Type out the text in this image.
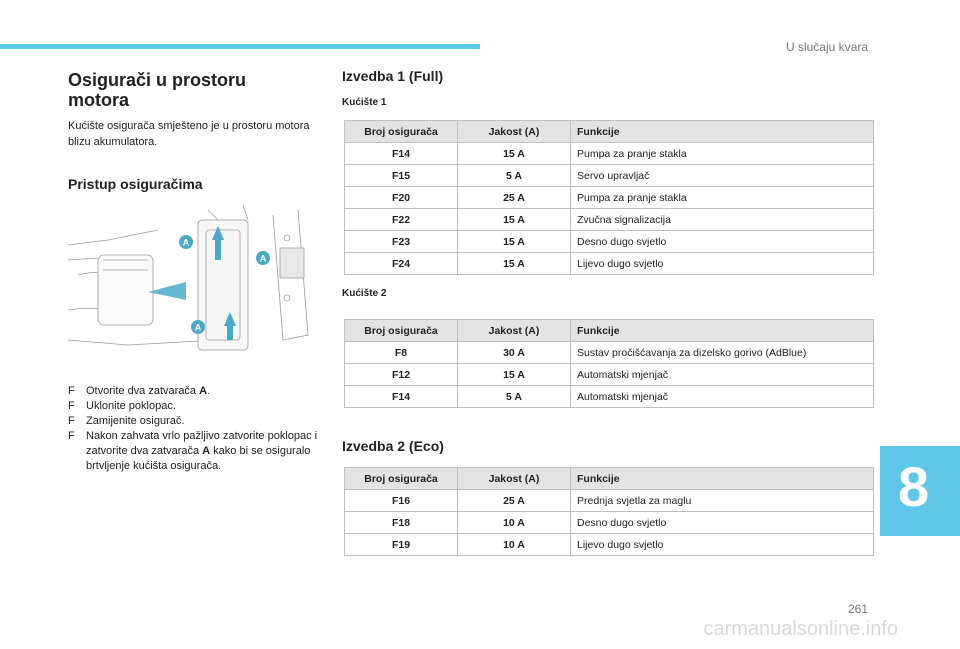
U slučaju kvara
Osigurači u prostoru motora

Kućište osigurača smješteno je u prostoru motora blizu akumulatora.

Pristup osiguračima
A
A
A
F Otvorite dva zatvarača A.
F Uklonite poklopac.
F Zamijenite osigurač.
F Nakon zahvata vrlo pažljivo zatvorite poklopac i zatvorite dva zatvarača A kako bi se osiguralo brtvljenje kućišta osigurača.
Izvedba 1 (Full)
Kućište 1
Broj osigurača	Jakost (A)	Funkcije
F14	15 A	Pumpa za pranje stakla
F15	5 A	Servo upravljač
F20	25 A	Pumpa za pranje stakla
F22	15 A	Zvučna signalizacija
F23	15 A	Desno dugo svjetlo
F24	15 A	Lijevo dugo svjetlo
Kućište 2
Broj osigurača	Jakost (A)	Funkcije
F8	30 A	Sustav pročišćavanja za dizelsko gorivo (AdBlue)
F12	15 A	Automatski mjenjač
F14	5 A	Automatski mjenjač
Izvedba 2 (Eco)
Broj osigurača	Jakost (A)	Funkcije
F16	25 A	Prednja svjetla za maglu
F18	10 A	Desno dugo svjetlo
F19	10 A	Lijevo dugo svjetlo
8
261
carmanualsonline.info
